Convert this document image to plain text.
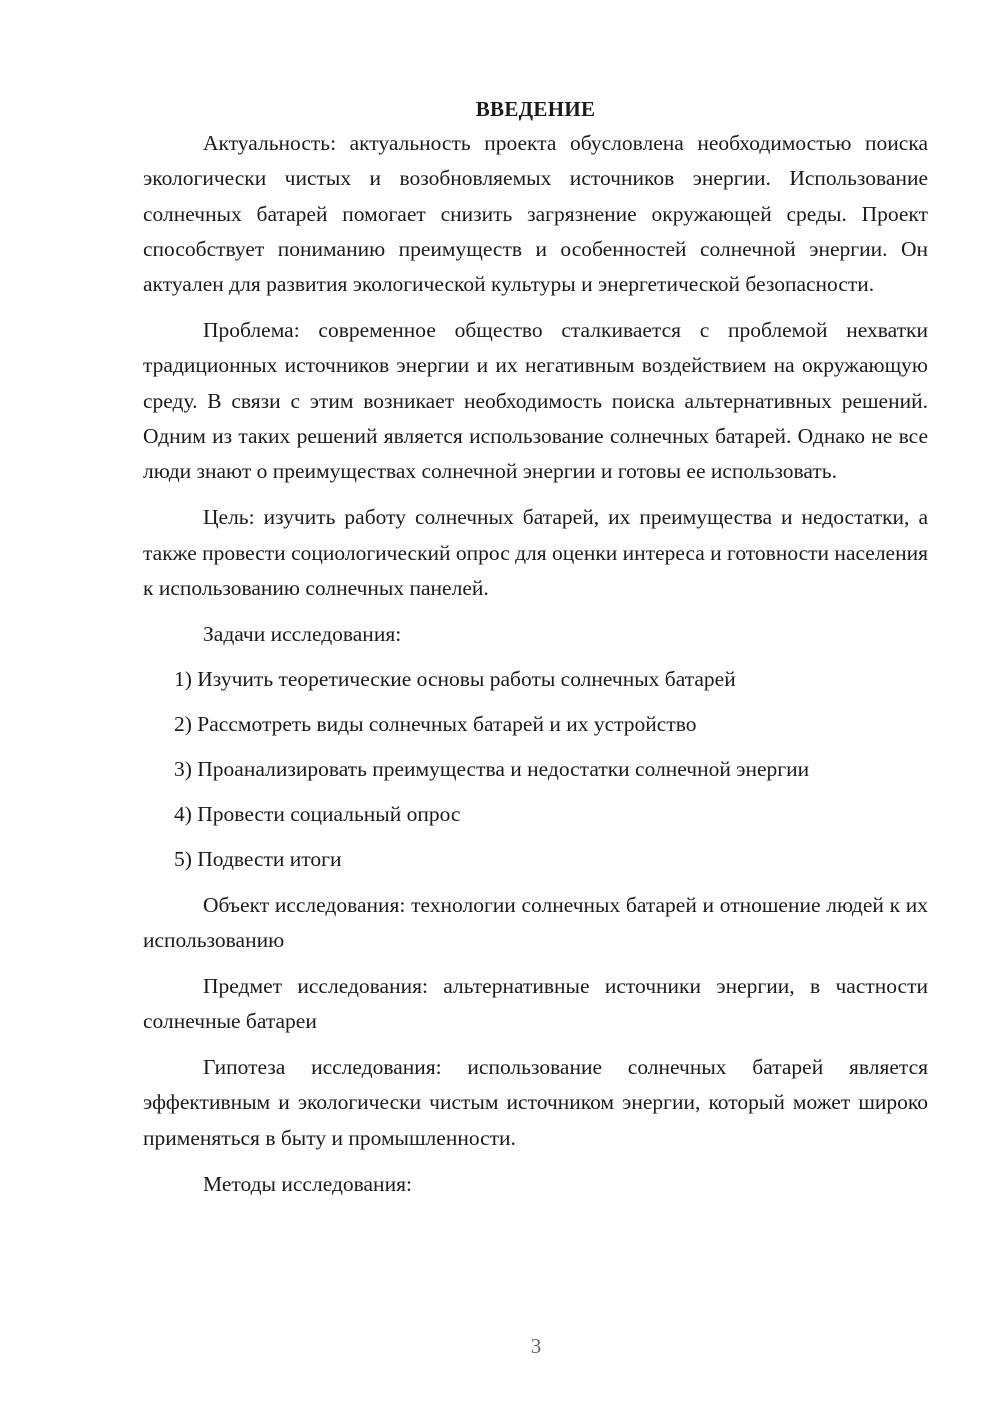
ВВЕДЕНИЕ

Актуальность: актуальность проекта обусловлена необходимостью поиска экологически чистых и возобновляемых источников энергии. Использование солнечных батарей помогает снизить загрязнение окружающей среды. Проект способствует пониманию преимуществ и особенностей солнечной энергии. Он актуален для развития экологической культуры и энергетической безопасности.

Проблема: современное общество сталкивается с проблемой нехватки традиционных источников энергии и их негативным воздействием на окружающую среду. В связи с этим возникает необходимость поиска альтернативных решений. Одним из таких решений является использование солнечных батарей. Однако не все люди знают о преимуществах солнечной энергии и готовы ее использовать.

Цель: изучить работу солнечных батарей, их преимущества и недостатки, а также провести социологический опрос для оценки интереса и готовности населения к использованию солнечных панелей.

Задачи исследования:

1) Изучить теоретические основы работы солнечных батарей
2) Рассмотреть виды солнечных батарей и их устройство
3) Проанализировать преимущества и недостатки солнечной энергии
4) Провести социальный опрос
5) Подвести итоги

Объект исследования: технологии солнечных батарей и отношение людей к их использованию

Предмет исследования: альтернативные источники энергии, в частности солнечные батареи

Гипотеза исследования: использование солнечных батарей является эффективным и экологически чистым источником энергии, который может широко применяться в быту и промышленности.

Методы исследования:

3
